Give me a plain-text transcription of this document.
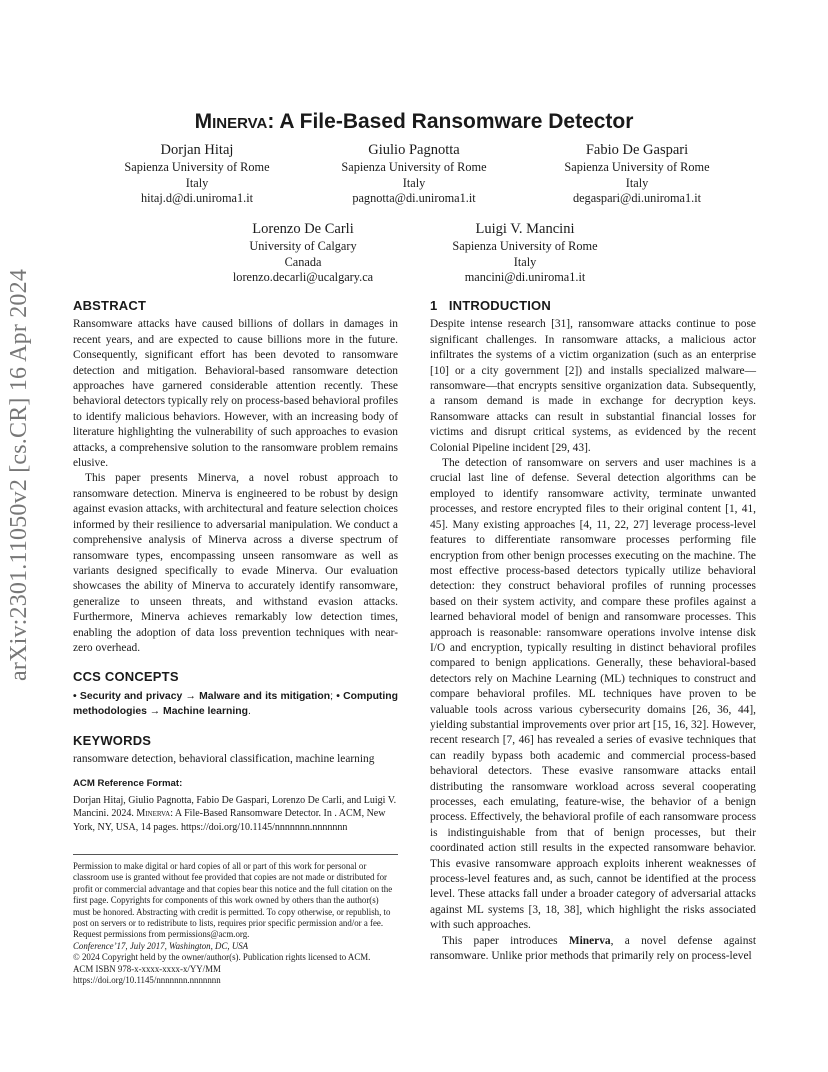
arXiv:2301.11050v2 [cs.CR] 16 Apr 2024
Minerva: A File-Based Ransomware Detector
Dorjan Hitaj
Sapienza University of Rome
Italy
hitaj.d@di.uniroma1.it
Giulio Pagnotta
Sapienza University of Rome
Italy
pagnotta@di.uniroma1.it
Fabio De Gaspari
Sapienza University of Rome
Italy
degaspari@di.uniroma1.it
Lorenzo De Carli
University of Calgary
Canada
lorenzo.decarli@ucalgary.ca
Luigi V. Mancini
Sapienza University of Rome
Italy
mancini@di.uniroma1.it
ABSTRACT

Ransomware attacks have caused billions of dollars in damages in recent years, and are expected to cause billions more in the future. Consequently, significant effort has been devoted to ransomware detection and mitigation. Behavioral-based ransomware detection approaches have garnered considerable attention recently. These behavioral detectors typically rely on process-based behavioral profiles to identify malicious behaviors. However, with an increasing body of literature highlighting the vulnerability of such approaches to evasion attacks, a comprehensive solution to the ransomware problem remains elusive.

This paper presents Minerva, a novel robust approach to ransomware detection. Minerva is engineered to be robust by design against evasion attacks, with architectural and feature selection choices informed by their resilience to adversarial manipulation. We conduct a comprehensive analysis of Minerva across a diverse spectrum of ransomware types, encompassing unseen ransomware as well as variants designed specifically to evade Minerva. Our evaluation showcases the ability of Minerva to accurately identify ransomware, generalize to unseen threats, and withstand evasion attacks. Furthermore, Minerva achieves remarkably low detection times, enabling the adoption of data loss prevention techniques with near-zero overhead.

CCS CONCEPTS

• Security and privacy → Malware and its mitigation; • Computing methodologies → Machine learning.

KEYWORDS

ransomware detection, behavioral classification, machine learning

ACM Reference Format:
Dorjan Hitaj, Giulio Pagnotta, Fabio De Gaspari, Lorenzo De Carli, and Luigi V. Mancini. 2024. Minerva: A File-Based Ransomware Detector. In . ACM, New York, NY, USA, 14 pages. https://doi.org/10.1145/nnnnnnn.nnnnnnn
Permission to make digital or hard copies of all or part of this work for personal or classroom use is granted without fee provided that copies are not made or distributed for profit or commercial advantage and that copies bear this notice and the full citation on the first page. Copyrights for components of this work owned by others than the author(s) must be honored. Abstracting with credit is permitted. To copy otherwise, or republish, to post on servers or to redistribute to lists, requires prior specific permission and/or a fee. Request permissions from permissions@acm.org.
Conference’17, July 2017, Washington, DC, USA
© 2024 Copyright held by the owner/author(s). Publication rights licensed to ACM.
ACM ISBN 978-x-xxxx-xxxx-x/YY/MM
https://doi.org/10.1145/nnnnnnn.nnnnnnn
1   INTRODUCTION

Despite intense research [31], ransomware attacks continue to pose significant challenges. In ransomware attacks, a malicious actor infiltrates the systems of a victim organization (such as an enterprise [10] or a city government [2]) and installs specialized malware—ransomware—that encrypts sensitive organization data. Subsequently, a ransom demand is made in exchange for decryption keys. Ransomware attacks can result in substantial financial losses for victims and disrupt critical systems, as evidenced by the recent Colonial Pipeline incident [29, 43].

The detection of ransomware on servers and user machines is a crucial last line of defense. Several detection algorithms can be employed to identify ransomware activity, terminate unwanted processes, and restore encrypted files to their original content [1, 41, 45]. Many existing approaches [4, 11, 22, 27] leverage process-level features to differentiate ransomware processes performing file encryption from other benign processes executing on the machine. The most effective process-based detectors typically utilize behavioral detection: they construct behavioral profiles of running processes based on their system activity, and compare these profiles against a learned behavioral model of benign and ransomware processes. This approach is reasonable: ransomware operations involve intense disk I/O and encryption, typically resulting in distinct behavioral profiles compared to benign applications. Generally, these behavioral-based detectors rely on Machine Learning (ML) techniques to construct and compare behavioral profiles. ML techniques have proven to be valuable tools across various cybersecurity domains [26, 36, 44], yielding substantial improvements over prior art [15, 16, 32]. However, recent research [7, 46] has revealed a series of evasive techniques that can readily bypass both academic and commercial process-based behavioral detectors. These evasive ransomware attacks entail distributing the ransomware workload across several cooperating processes, each emulating, feature-wise, the behavior of a benign process. Effectively, the behavioral profile of each ransomware process is indistinguishable from that of benign processes, but their coordinated action still results in the expected ransomware behavior. This evasive ransomware approach exploits inherent weaknesses of process-level features and, as such, cannot be identified at the process level. These attacks fall under a broader category of adversarial attacks against ML systems [3, 18, 38], which highlight the risks associated with such approaches.

This paper introduces Minerva, a novel defense against ransomware. Unlike prior methods that primarily rely on process-level
